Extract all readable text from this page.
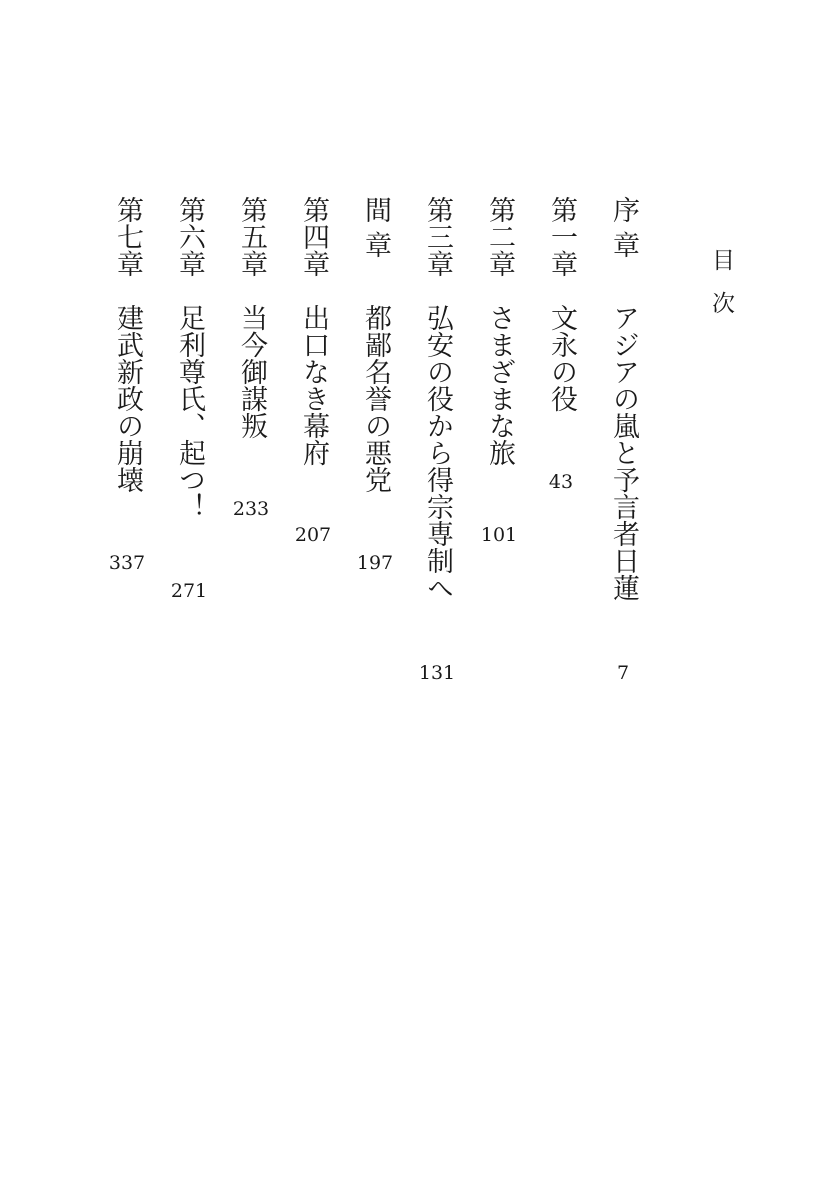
目次
序章
アジアの嵐と予言者日蓮
7
第一章
文永の役
43
第二章
さまざまな旅
101
第三章
弘安の役から得宗専制へ
131
間章
都鄙名誉の悪党
197
第四章
出口なき幕府
207
第五章
当今御謀叛
233
第六章
足利尊氏、起つ！
271
第七章
建武新政の崩壊
337
